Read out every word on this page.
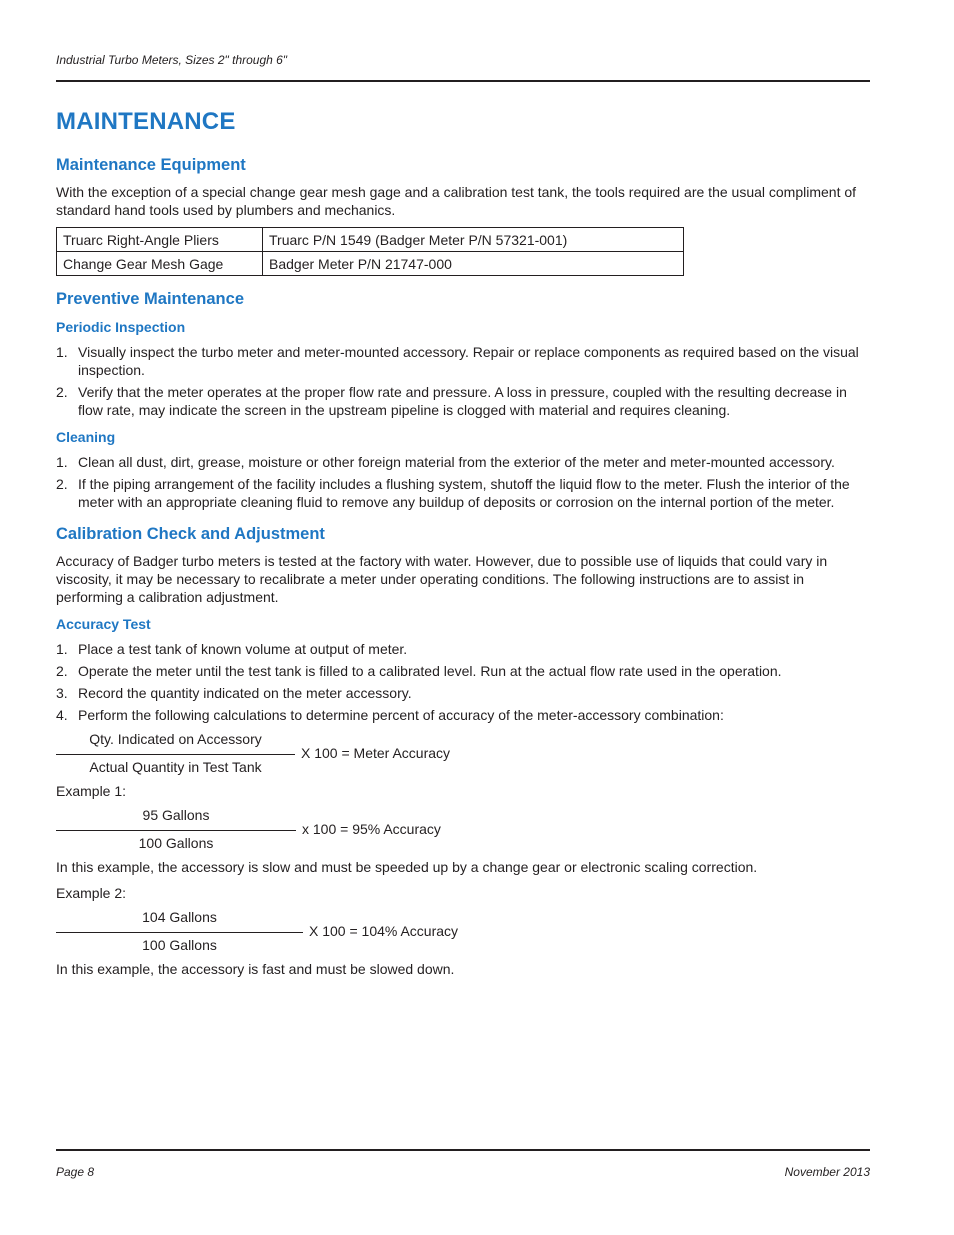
Industrial Turbo Meters, Sizes 2" through 6"
MAINTENANCE
Maintenance Equipment

With the exception of a special change gear mesh gage and a calibration test tank, the tools required are the usual compliment of standard hand tools used by plumbers and mechanics.

Truarc Right-Angle Pliers	Truarc P/N 1549 (Badger Meter P/N 57321-001)
Change Gear Mesh Gage	Badger Meter P/N 21747-000
Preventive Maintenance
Periodic Inspection
1. Visually inspect the turbo meter and meter-mounted accessory. Repair or replace components as required based on the visual inspection.
2. Verify that the meter operates at the proper flow rate and pressure. A loss in pressure, coupled with the resulting decrease in flow rate, may indicate the screen in the upstream pipeline is clogged with material and requires cleaning.
Cleaning
1. Clean all dust, dirt, grease, moisture or other foreign material from the exterior of the meter and meter-mounted accessory.
2. If the piping arrangement of the facility includes a flushing system, shutoff the liquid flow to the meter. Flush the interior of the meter with an appropriate cleaning fluid to remove any buildup of deposits or corrosion on the internal portion of the meter.
Calibration Check and Adjustment

Accuracy of Badger turbo meters is tested at the factory with water. However, due to possible use of liquids that could vary in viscosity, it may be necessary to recalibrate a meter under operating conditions. The following instructions are to assist in performing a calibration adjustment.

Accuracy Test
1. Place a test tank of known volume at output of meter.
2. Operate the meter until the test tank is filled to a calibrated level. Run at the actual flow rate used in the operation.
3. Record the quantity indicated on the meter accessory.
4. Perform the following calculations to determine percent of accuracy of the meter-accessory combination:
Qty. Indicated on Accessory
Actual Quantity in Test Tank
X 100 = Meter Accuracy
Example 1:
95 Gallons
100 Gallons
x 100 = 95% Accuracy

In this example, the accessory is slow and must be speeded up by a change gear or electronic scaling correction.

Example 2:
104 Gallons
100 Gallons
X 100 = 104% Accuracy

In this example, the accessory is fast and must be slowed down.

Page 8	November 2013
